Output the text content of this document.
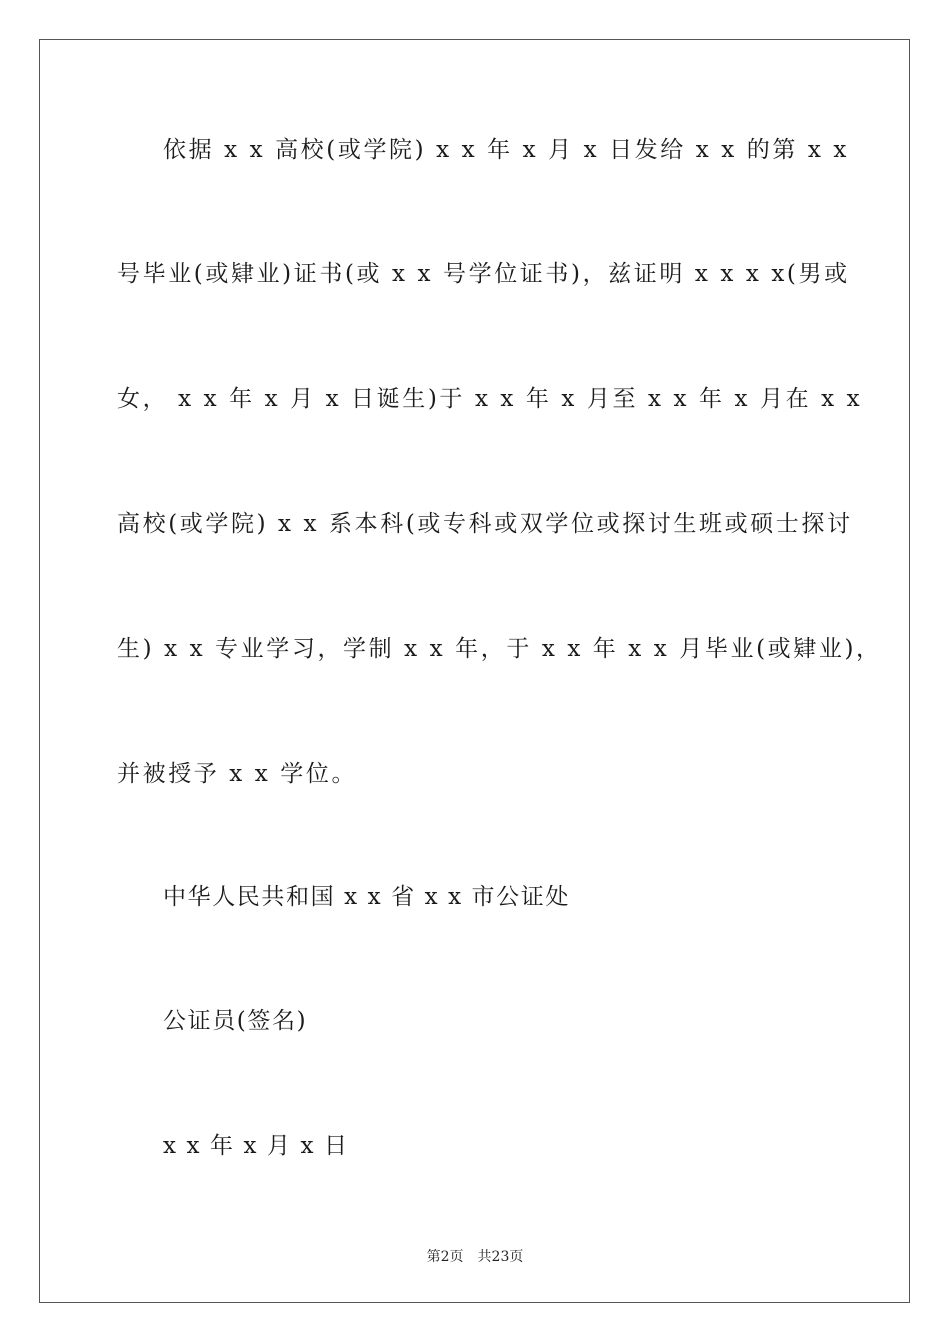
依据 x x 高校(或学院) x x 年 x 月 x 日发给 x x 的第 x x
号毕业(或肄业)证书(或 x x 号学位证书)，兹证明 x x x x(男或
女， x x 年 x 月 x 日诞生)于 x x 年 x 月至 x x 年 x 月在 x x
高校(或学院) x x 系本科(或专科或双学位或探讨生班或硕士探讨
生) x x 专业学习，学制 x x 年，于 x x 年 x x 月毕业(或肄业)，
并被授予 x x 学位。
中华人民共和国 x x 省 x x 市公证处
公证员(签名)
x x 年 x 月 x 日
第2页 共23页
